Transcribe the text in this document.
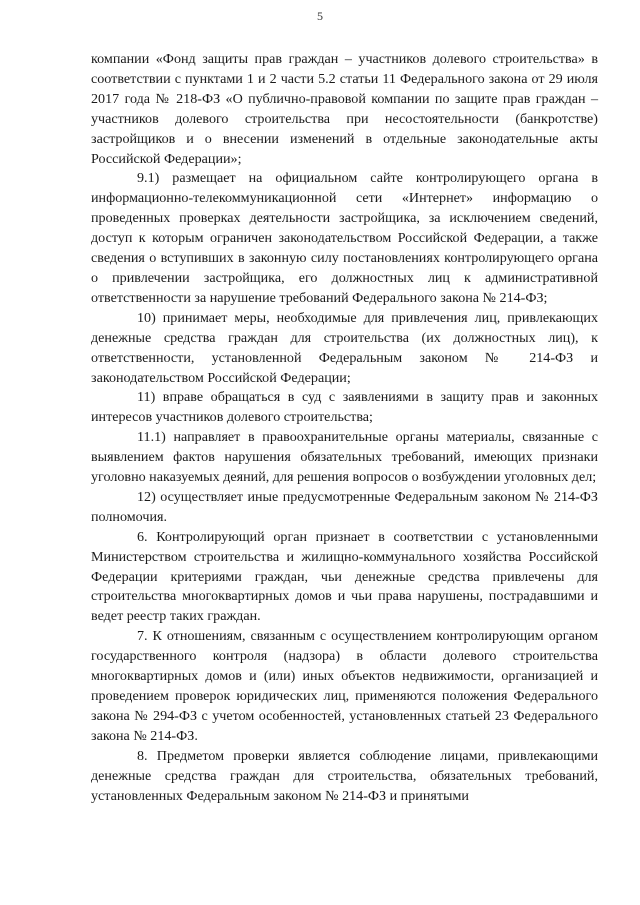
5

компании «Фонд защиты прав граждан – участников долевого строительства» в соответствии с пунктами 1 и 2 части 5.2 статьи 11 Федерального закона от 29 июля 2017 года № 218-ФЗ «О публично-правовой компании по защите прав граждан – участников долевого строительства при несостоятельности (банкротстве) застройщиков и о внесении изменений в отдельные законодательные акты Российской Федерации»;

9.1) размещает на официальном сайте контролирующего органа в информационно-телекоммуникационной сети «Интернет» информацию о проведенных проверках деятельности застройщика, за исключением сведений, доступ к которым ограничен законодательством Российской Федерации, а также сведения о вступивших в законную силу постановлениях контролирующего органа о привлечении застройщика, его должностных лиц к административной ответственности за нарушение требований Федерального закона № 214-ФЗ;

10) принимает меры, необходимые для привлечения лиц, привлекающих денежные средства граждан для строительства (их должностных лиц), к ответственности, установленной Федеральным законом № 214-ФЗ и законодательством Российской Федерации;

11) вправе обращаться в суд с заявлениями в защиту прав и законных интересов участников долевого строительства;

11.1) направляет в правоохранительные органы материалы, связанные с выявлением фактов нарушения обязательных требований, имеющих признаки уголовно наказуемых деяний, для решения вопросов о возбуждении уголовных дел;

12) осуществляет иные предусмотренные Федеральным законом № 214-ФЗ полномочия.

6. Контролирующий орган признает в соответствии с установленными Министерством строительства и жилищно-коммунального хозяйства Российской Федерации критериями граждан, чьи денежные средства привлечены для строительства многоквартирных домов и чьи права нарушены, пострадавшими и ведет реестр таких граждан.

7. К отношениям, связанным с осуществлением контролирующим органом государственного контроля (надзора) в области долевого строительства многоквартирных домов и (или) иных объектов недвижимости, организацией и проведением проверок юридических лиц, применяются положения Федерального закона № 294-ФЗ с учетом особенностей, установленных статьей 23 Федерального закона № 214-ФЗ.

8. Предметом проверки является соблюдение лицами, привлекающими денежные средства граждан для строительства, обязательных требований, установленных Федеральным законом № 214-ФЗ и принятыми
